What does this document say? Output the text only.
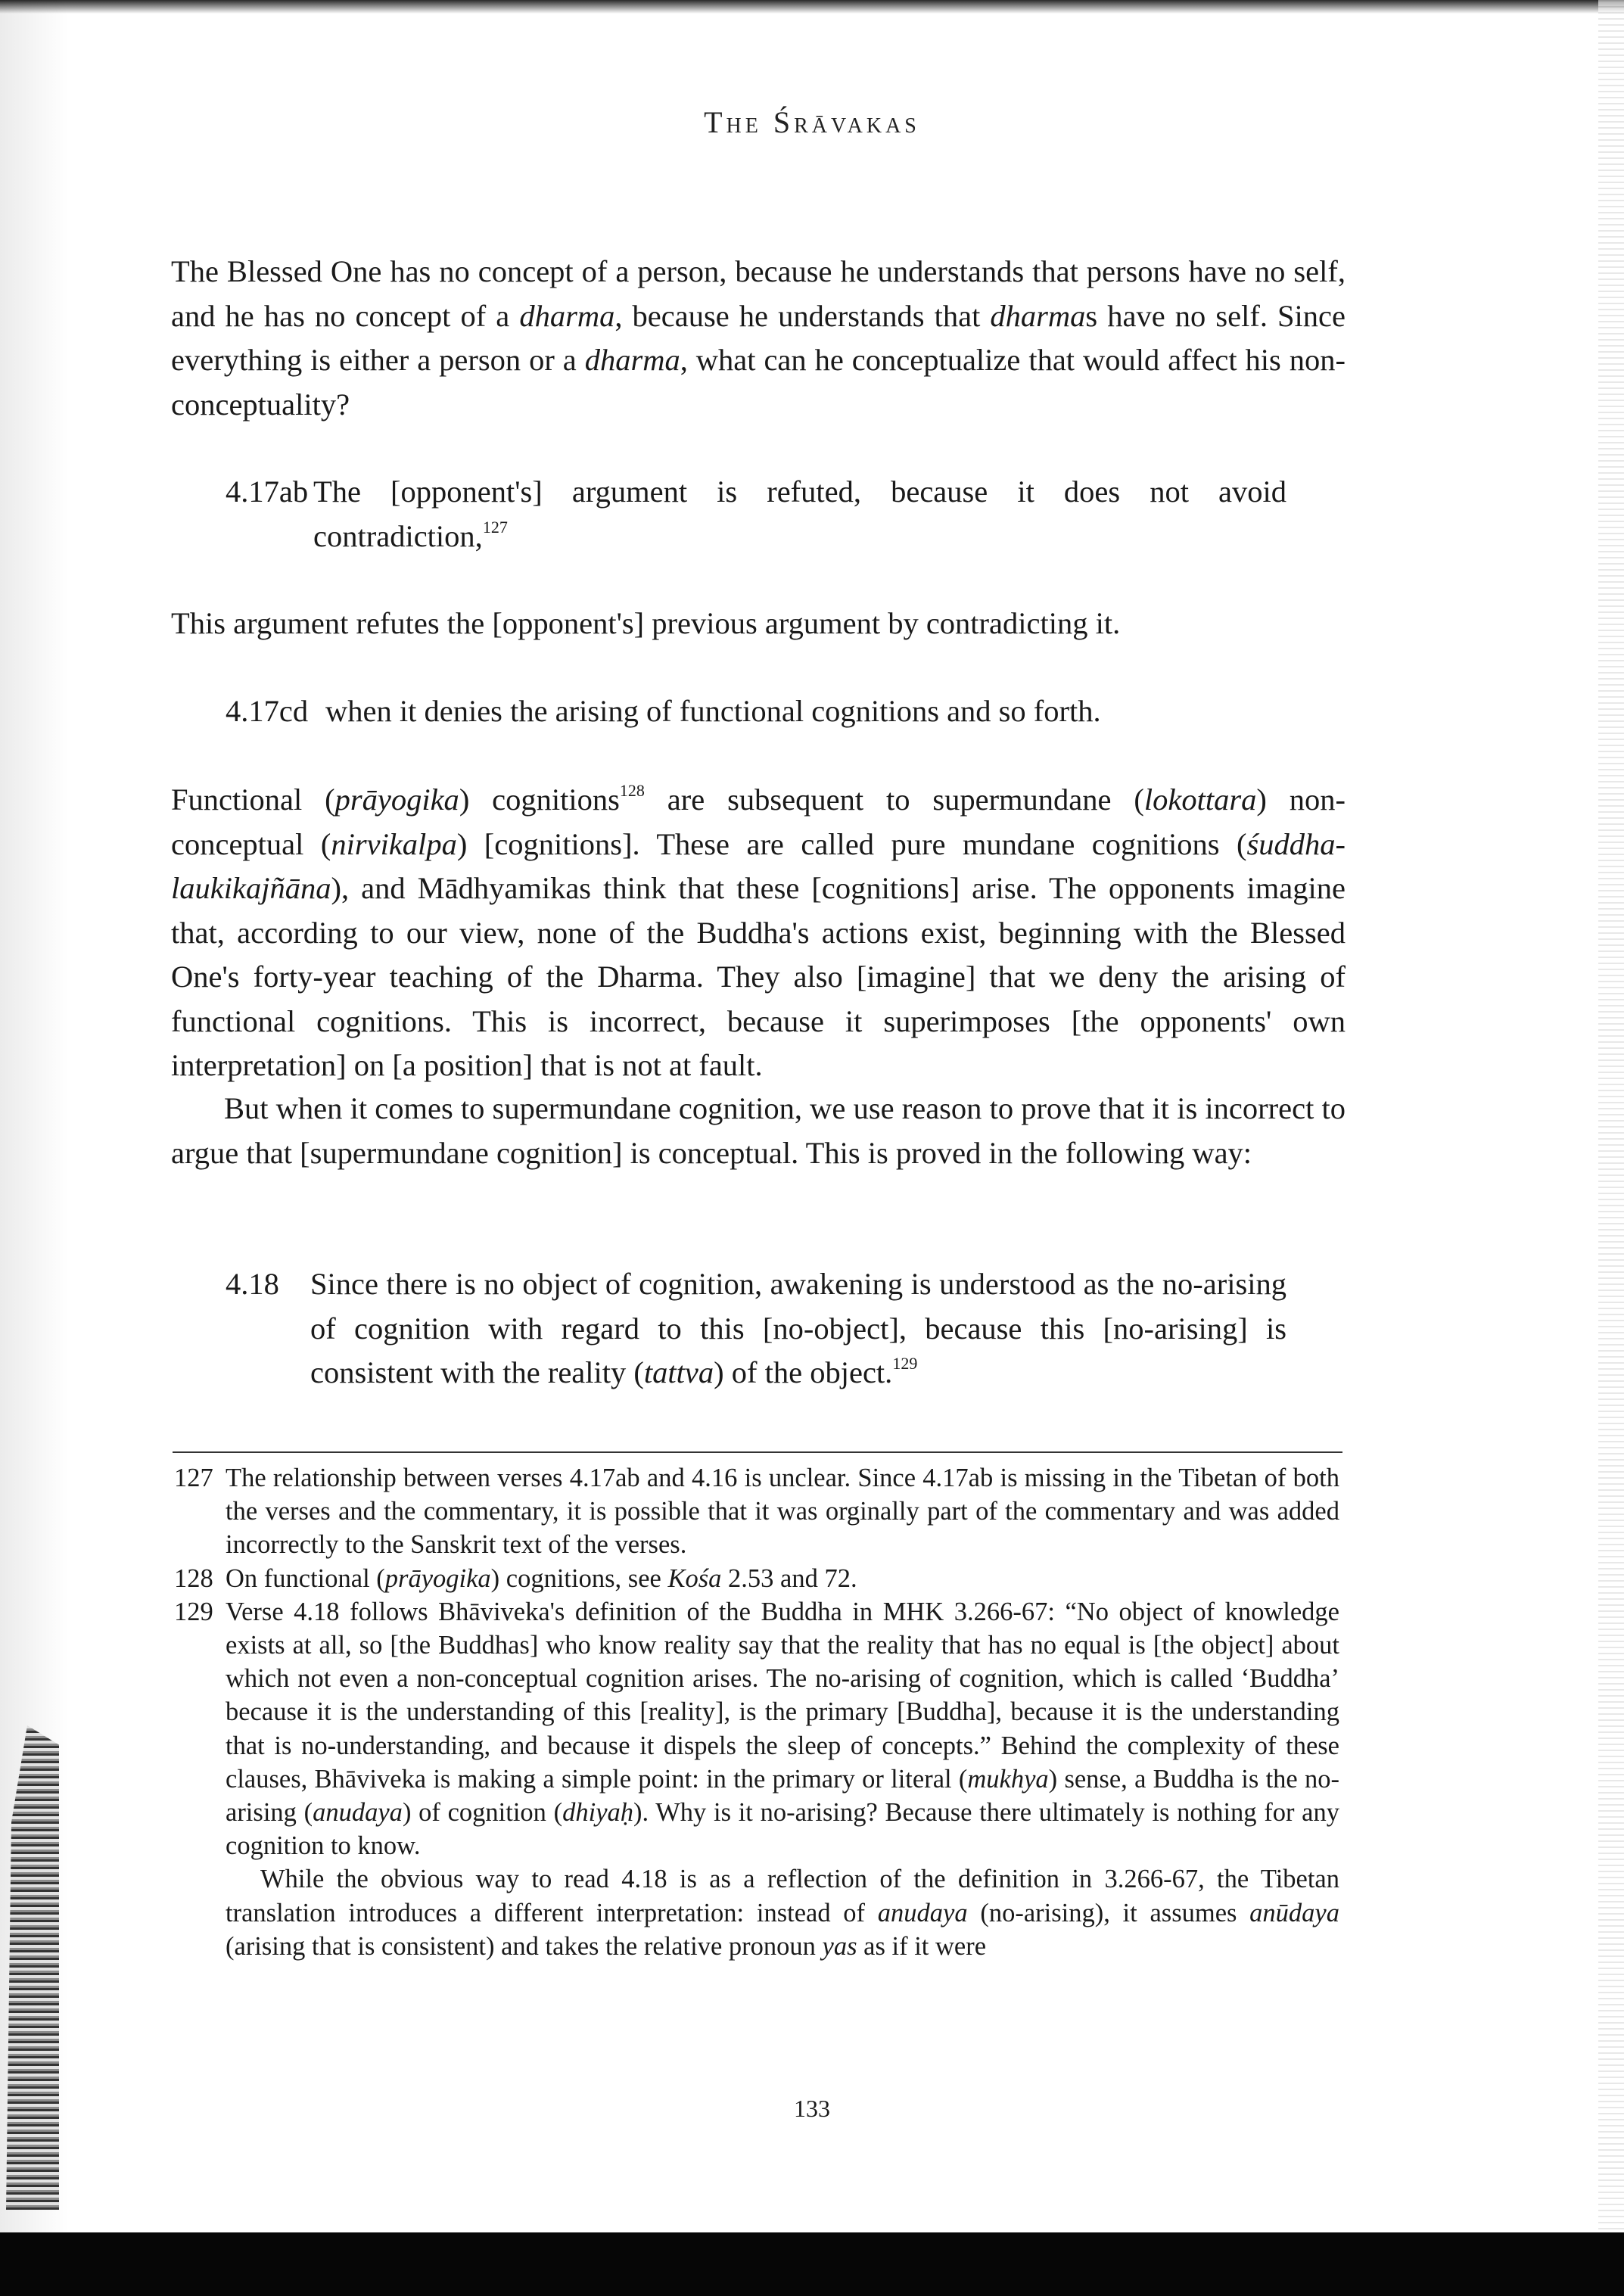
The Śrāvakas

The Blessed One has no concept of a person, because he understands that persons have no self, and he has no concept of a dharma, because he understands that dharmas have no self. Since everything is either a person or a dharma, what can he conceptualize that would affect his non-conceptuality?

4.17ab The [opponent's] argument is refuted, because it does not avoid contradiction,$^{127}$

This argument refutes the [opponent's] previous argument by contradicting it.

4.17cd when it denies the arising of functional cognitions and so forth.

Functional (prāyogika) cognitions$^{128}$ are subsequent to supermundane (lokottara) non-conceptual (nirvikalpa) [cognitions]. These are called pure mundane cognitions (śuddha-laukikajñāna), and Mādhyamikas think that these [cognitions] arise. The opponents imagine that, according to our view, none of the Buddha's actions exist, beginning with the Blessed One's forty-year teaching of the Dharma. They also [imagine] that we deny the arising of functional cognitions. This is incorrect, because it superimposes [the opponents' own interpretation] on [a position] that is not at fault.

But when it comes to supermundane cognition, we use reason to prove that it is incorrect to argue that [supermundane cognition] is conceptual. This is proved in the following way:

4.18	Since there is no object of cognition, awakening is understood as the no-arising of cognition with regard to this [no-object], because this [no-arising] is consistent with the reality (tattva) of the object.$^{129}$
127 The relationship between verses 4.17ab and 4.16 is unclear. Since 4.17ab is missing in the Tibetan of both the verses and the commentary, it is possible that it was orginally part of the commentary and was added incorrectly to the Sanskrit text of the verses.
128 On functional (prāyogika) cognitions, see Kośa 2.53 and 72.
129 Verse 4.18 follows Bhāviveka's definition of the Buddha in MHK 3.266-67: “No object of knowledge exists at all, so [the Buddhas] who know reality say that the reality that has no equal is [the object] about which not even a non-conceptual cognition arises. The no-arising of cognition, which is called ‘Buddha’ because it is the understanding of this [reality], is the primary [Buddha], because it is the understanding that is no-understanding, and because it dispels the sleep of concepts.” Behind the complexity of these clauses, Bhāviveka is making a simple point: in the primary or literal (mukhya) sense, a Buddha is the no-arising (anudaya) of cognition (dhiyaḥ). Why is it no-arising? Because there ultimately is nothing for any cognition to know.
While the obvious way to read 4.18 is as a reflection of the definition in 3.266-67, the Tibetan translation introduces a different interpretation: instead of anudaya (no-arising), it assumes anūdaya (arising that is consistent) and takes the relative pronoun yas as if it were
133
